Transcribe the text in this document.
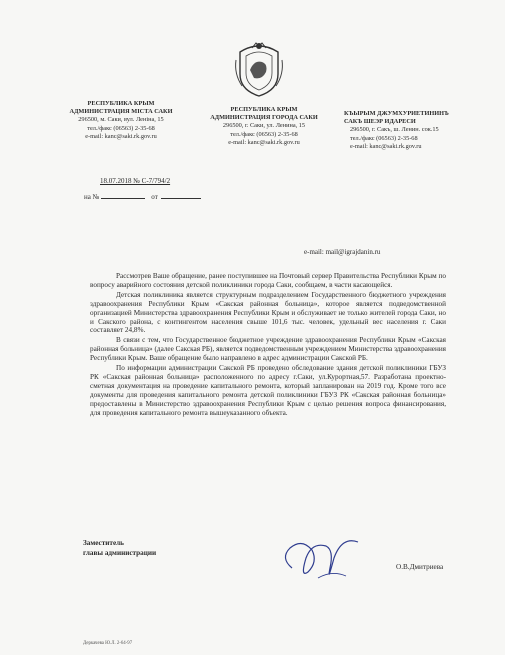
РЕСПУБЛИКА КРЫМ
АДМИНИСТРАЦИЯ МІСТА САКИ
296500, м. Саки, вул. Леніна, 15
тел./факс (06563) 2-35-68
e-mail: kanc@saki.rk.gov.ru
РЕСПУБЛИКА КРЫМ
АДМИНИСТРАЦИЯ ГОРОДА САКИ
296500, г. Саки, ул. Ленина, 15
тел./факс (06563) 2-35-68
e-mail: kanc@saki.rk.gov.ru
КЪЫРЫМ ДЖУМХУРИЕТИНИНЪ
САКЪ ШЕЭР ИДАРЕСИ
296500, г. Сакъ, ш. Ленин. сок.15
тел./факс (06563) 2-35-68
e-mail: kanc@saki.rk.gov.ru
18.07.2018 № С-7/794/2
на №	от
e-mail: mail@igrajdanin.ru

Рассмотрев Ваше обращение, ранее поступившее на Почтовый сервер Правительства Республики Крым по вопросу аварийного состояния детской поликлиники города Саки, сообщаем, в части касающейся.

Детская поликлиника является структурным подразделением Государственного бюджетного учреждения здравоохранения Республики Крым «Сакская районная больница», которое является подведомственной организацией Министерства здравоохранения Республики Крым и обслуживает не только жителей города Саки, но и Сакского района, с контингентом населения свыше 101,6 тыс. человек, удельный вес населения г. Саки составляет 24,8%.

В связи с тем, что Государственное бюджетное учреждение здравоохранения Республики Крым «Сакская районная больница» (далее Сакская РБ), является подведомственным учреждением Министерства здравоохранения Республики Крым. Ваше обращение было направлено в адрес администрации Сакской РБ.

По информации администрации Сакской РБ проведено обследование здания детской поликлиники ГБУЗ РК «Сакская районная больница» расположенного по адресу г.Саки, ул.Курортная,57. Разработана проектно-сметная документация на проведение капитального ремонта, который запланирован на 2019 год. Кроме того все документы для проведения капитального ремонта детской поликлиники ГБУЗ РК «Сакская районная больница» предоставлены в Министерство здравоохранения Республики Крым с целью решения вопроса финансирования, для проведения капитального ремонта вышеуказанного объекта.

Заместитель
главы администрации
О.В.Дмитриева
Деркачева Ю.Л. 2-64-97
